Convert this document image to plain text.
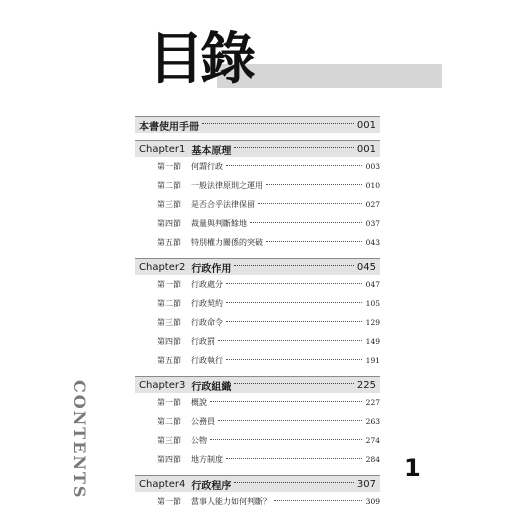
目錄
CONTENTS
本書使用手冊	001
Chapter1 基本原理	001
第一節	何謂行政	003
第二節	一般法律原則之運用	010
第三節	是否合乎法律保留	027
第四節	裁量與判斷餘地	037
第五節	特別權力關係的突破	043
Chapter2 行政作用	045
第一節	行政處分	047
第二節	行政契約	105
第三節	行政命令	129
第四節	行政罰	149
第五節	行政執行	191
Chapter3 行政組織	225
第一節	概說	227
第二節	公務員	263
第三節	公物	274
第四節	地方制度	284
Chapter4 行政程序	307
第一節	當事人能力如何判斷？	309
1
